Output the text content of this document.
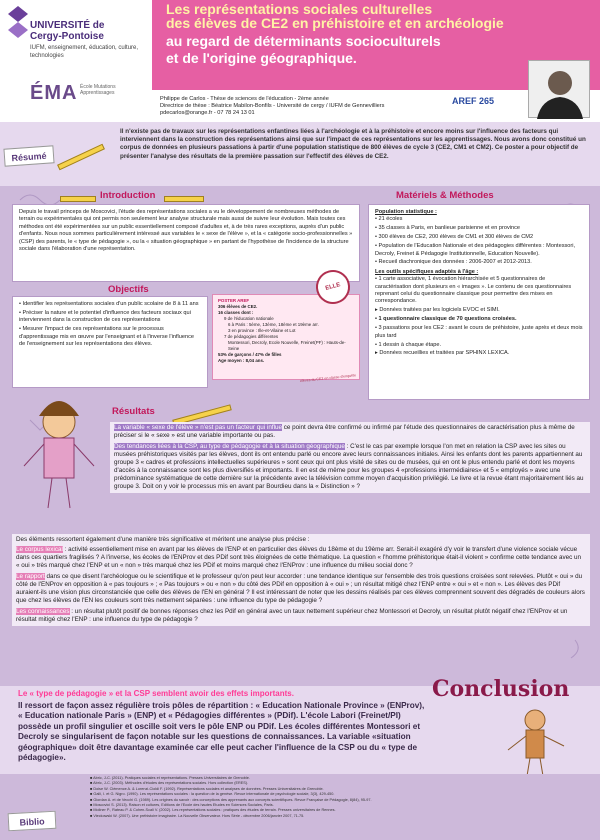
UNIVERSITÉ de Cergy-Pontoise
IUFM, enseignement, éducation, culture, technologies
ÉMA École Mutations Apprentissages
Les représentations sociales culturelles
des élèves de CE2 en préhistoire et en archéologie
au regard de déterminants socioculturels
et de l'origine géographique.
Philippe de Carlos - Thèse de sciences de l'éducation - 2ème année
Directrice de thèse : Béatrice Mabilon-Bonfils - Université de cergy / IUFM de Gennevilliers
pdecarlos@orange.fr - 07 78 24 13 01
AREF 265
Résumé
Il n'existe pas de travaux sur les représentations enfantines liées à l'archéologie et à la préhistoire et encore moins sur l'influence des facteurs qui interviennent dans la construction des représentations ainsi que sur l'impact de ces représentations sur les apprentissages. Nous avons donc constitué un corpus de données en plusieurs passations à partir d'une population statistique de 800 élèves de cycle 3 (CE2, CM1 et CM2). Ce poster a pour objectif de présenter l'analyse des résultats de la première passation sur l'effectif des élèves de CE2.
Introduction
Depuis le travail princeps de Moscovici, l'étude des représentations sociales a vu le développement de nombreuses méthodes de terrain ou expérimentales qui ont permis non seulement leur analyse structurale mais aussi de suivre leur évolution. Mais toutes ces méthodes ont été expérimentées sur un public essentiellement composé d'adultes et, à de très rares exceptions, auprès d'un public d'enfants. Nous nous sommes particulièrement intéressé aux variables le « sexe de l'élève », et la « catégorie socio-professionnelles » (CSP) des parents, le « type de pédagogie », ou la « situation géographique » en partant de l'hypothèse de l'incidence de la structure sociale dans l'élaboration d'une représentation.
Objectifs
• Identifier les représentations sociales d'un public scolaire de 8 à 11 ans
• Préciser la nature et le potentiel d'influence des facteurs sociaux qui interviennent dans la construction de ces représentations
• Mesurer l'impact de ces représentations sur le processus d'apprentissage mis en œuvre par l'enseignant et à l'inverse l'influence de l'enseignement sur les représentations des élèves.
POSTER AREF
306 élèves de CE2.
16 classes dont :
9 de l'éducation nationale
6 à Paris : 5ème, 13ème, 18ème et 19ème arr.
3 en province : Ille-et-Vilaine et Lot
7 de pédagogies différentes
Montessori, Decroly, Ecole Nouvelle, Freinet(PF) : Hauts-de-Seine
53% de garçons / 47% de filles
Age moyen : 8,04 ans.
ELLE
élèves du CE2 en classe d'enquête
Matériels & Méthodes
Population statistique :
• 21 écoles
• 35 classes à Paris, en banlieue parisienne et en province
• 300 élèves de CE2, 200 élèves de CM1 et 300 élèves de CM2
• Population de l'Education Nationale et des pédagogies différentes : Montessori, Decroly, Freinet & Pédagogie Institutionnelle, Education Nouvelle).
• Recueil diachronique des données : 2006-2007 et 2012-2013.
Les outils spécifiques adaptés à l'âge :
• 1 carte associative, 1 évocation hiérarchisée et 5 questionnaires de caractérisation dont plusieurs en « images ». Le contenu de ces questionnaires reprenant celui du questionnaire classique pour permettre des mises en correspondance.
▸ Données traitées par les logiciels EVOC et SIMI.
• 1 questionnaire classique de 70 questions croisées.
• 3 passations pour les CE2 : avant le cours de préhistoire, juste après et deux mois plus tard
• 1 dessin à chaque étape.
▸ Données recueillies et traitées par SPHINX LEXICA.
Résultats

La variable « sexe de l'élève » n'est pas un facteur qui influe ce point devra être confirmé ou infirmé par l'étude des questionnaires de caractérisation plus à même de préciser si le « sexe » est une variable importante ou pas.

Des tendances liées à la CSP, au type de pédagogie et à la situation géographique : C'est le cas par exemple lorsque l'on met en relation la CSP avec les sites ou musées préhistoriques visités par les élèves, dont ils ont entendu parlé ou encore avec leurs connaissances initiales. Ainsi les enfants dont les parents appartiennent au groupe 3 « cadres et professions intellectuelles supérieures » sont ceux qui ont plus visité de sites ou de musées, qui en ont le plus entendu parlé et dont les moyens d'accès à la connaissance sont les plus diversifiés et importants. Il en est de même pour les groupes 4 «professions intermédiaires» et 5 « employés » avec une prédominance systématique de cette dernière sur la précédente avec la télévision comme moyen d'acquisition privilégié. Le livre et la revue étant majoritairement liés au groupe 3. Doit on y voir le processus mis en avant par Bourdieu dans la « Distinction » ?

Des éléments ressortent également d'une manière très significative et méritent une analyse plus précise :

Le corpus lexical : activité essentiellement mise en avant par les élèves de l'ENP et en particulier des élèves du 18ème et du 19ème arr. Serait-il exagéré d'y voir le transfert d'une violence sociale vécue dans ces quartiers fragilisés ? A l'inverse, les écoles de l'ENProv et des PDif sont très éloignées de cette thématique. La question « l'homme préhistorique était-il violent » confirme cette tendance avec un « oui » très marqué chez l'ENP et un « non » très marqué chez les PDif et moins marqué chez l'ENProv : une influence du milieu social donc ?

Le rapport dans ce que disent l'archéologue ou le scientifique et le professeur qu'on peut leur accorder : une tendance identique sur l'ensemble des trois questions croisées sont relevées. Plutôt « oui » du côté de l'ENProv en opposition à « pas toujours » ; « Pas toujours » ou « non » du côté des PDif en opposition à « oui » ; un résultat mitigé chez l'ENP entre « oui » et « non ». Les élèves des PDif auraient-ils une vision plus circonstanciée que celle des élèves de l'EN en général ? Il est intéressant de noter que les dessins réalisés par ces élèves comprennent souvent des dégradés de couleurs alors que chez les élèves de l'EN les couleurs sont très nettement séparées : une influence du type de pédagogie ?

Les connaissances : un résultat plutôt positif de bonnes réponses chez les Pdif en général avec un taux nettement supérieur chez Montessori et Decroly, un résultat plutôt négatif chez l'ENProv et un résultat mitigé chez l'ENP : une influence du type de pédagogie ?

Conclusion
Le « type de pédagogie » et la CSP semblent avoir des effets importants.
Il ressort de façon assez régulière trois pôles de répartition : « Education Nationale Province » (ENProv), « Education nationale Paris » (ENP) et « Pédagogies différentes » (PDif). L'école Labori (Freinet/PI) possède un profil singulier et oscille soit vers le pôle ENP ou PDif. Les écoles différentes Montessori et Decroly se singularisent de façon notable sur les questions de connaissances. La variable «situation géographique» doit être davantage examinée car elle peut cacher l'influence de la CSP ou du « type de pédagogie».
Biblio
■ Abric, J-C. (2011). Pratiques sociales et représentations. Presses Universitaires de Grenoble.
■ Abric, J-C. (2003). Méthodes d'études des représentations sociales. Hors collection (ERES).
■ Doise W. Clémence A. & Lorenzi-Cioldi F. (1992). Représentations sociales et analyses de données. Presses Universitaires de Grenoble.
■ Galli, I. et G. Nigro. (1990). Les représentations sociales : la question de la genèse. Revue internationale de psychologie sociale, 3(3), 429-450.
■ Giordan A. et de Vecchi G. (1989). Les origines du savoir : des conceptions des apprenants aux concepts scientifiques. Revue Française de Pédagogie, 8(84), 95-97.
■ Moscovici S. (2013). Raison et cultures, Editions de l'Ecole des hautes Etudes en Sciences Sociales, Paris.
■ Moliner P., Rateau P. & Cohen-Scali V. (2002). Les représentations sociales : pratiques des études de terrain. Presses universitaires de Rennes.
■ Vieckowski W. (2007). Une préhistoire imaginaire. La Nouvelle Observateur. Hors Série - décembre 2006/janvier 2007, 71-75.
